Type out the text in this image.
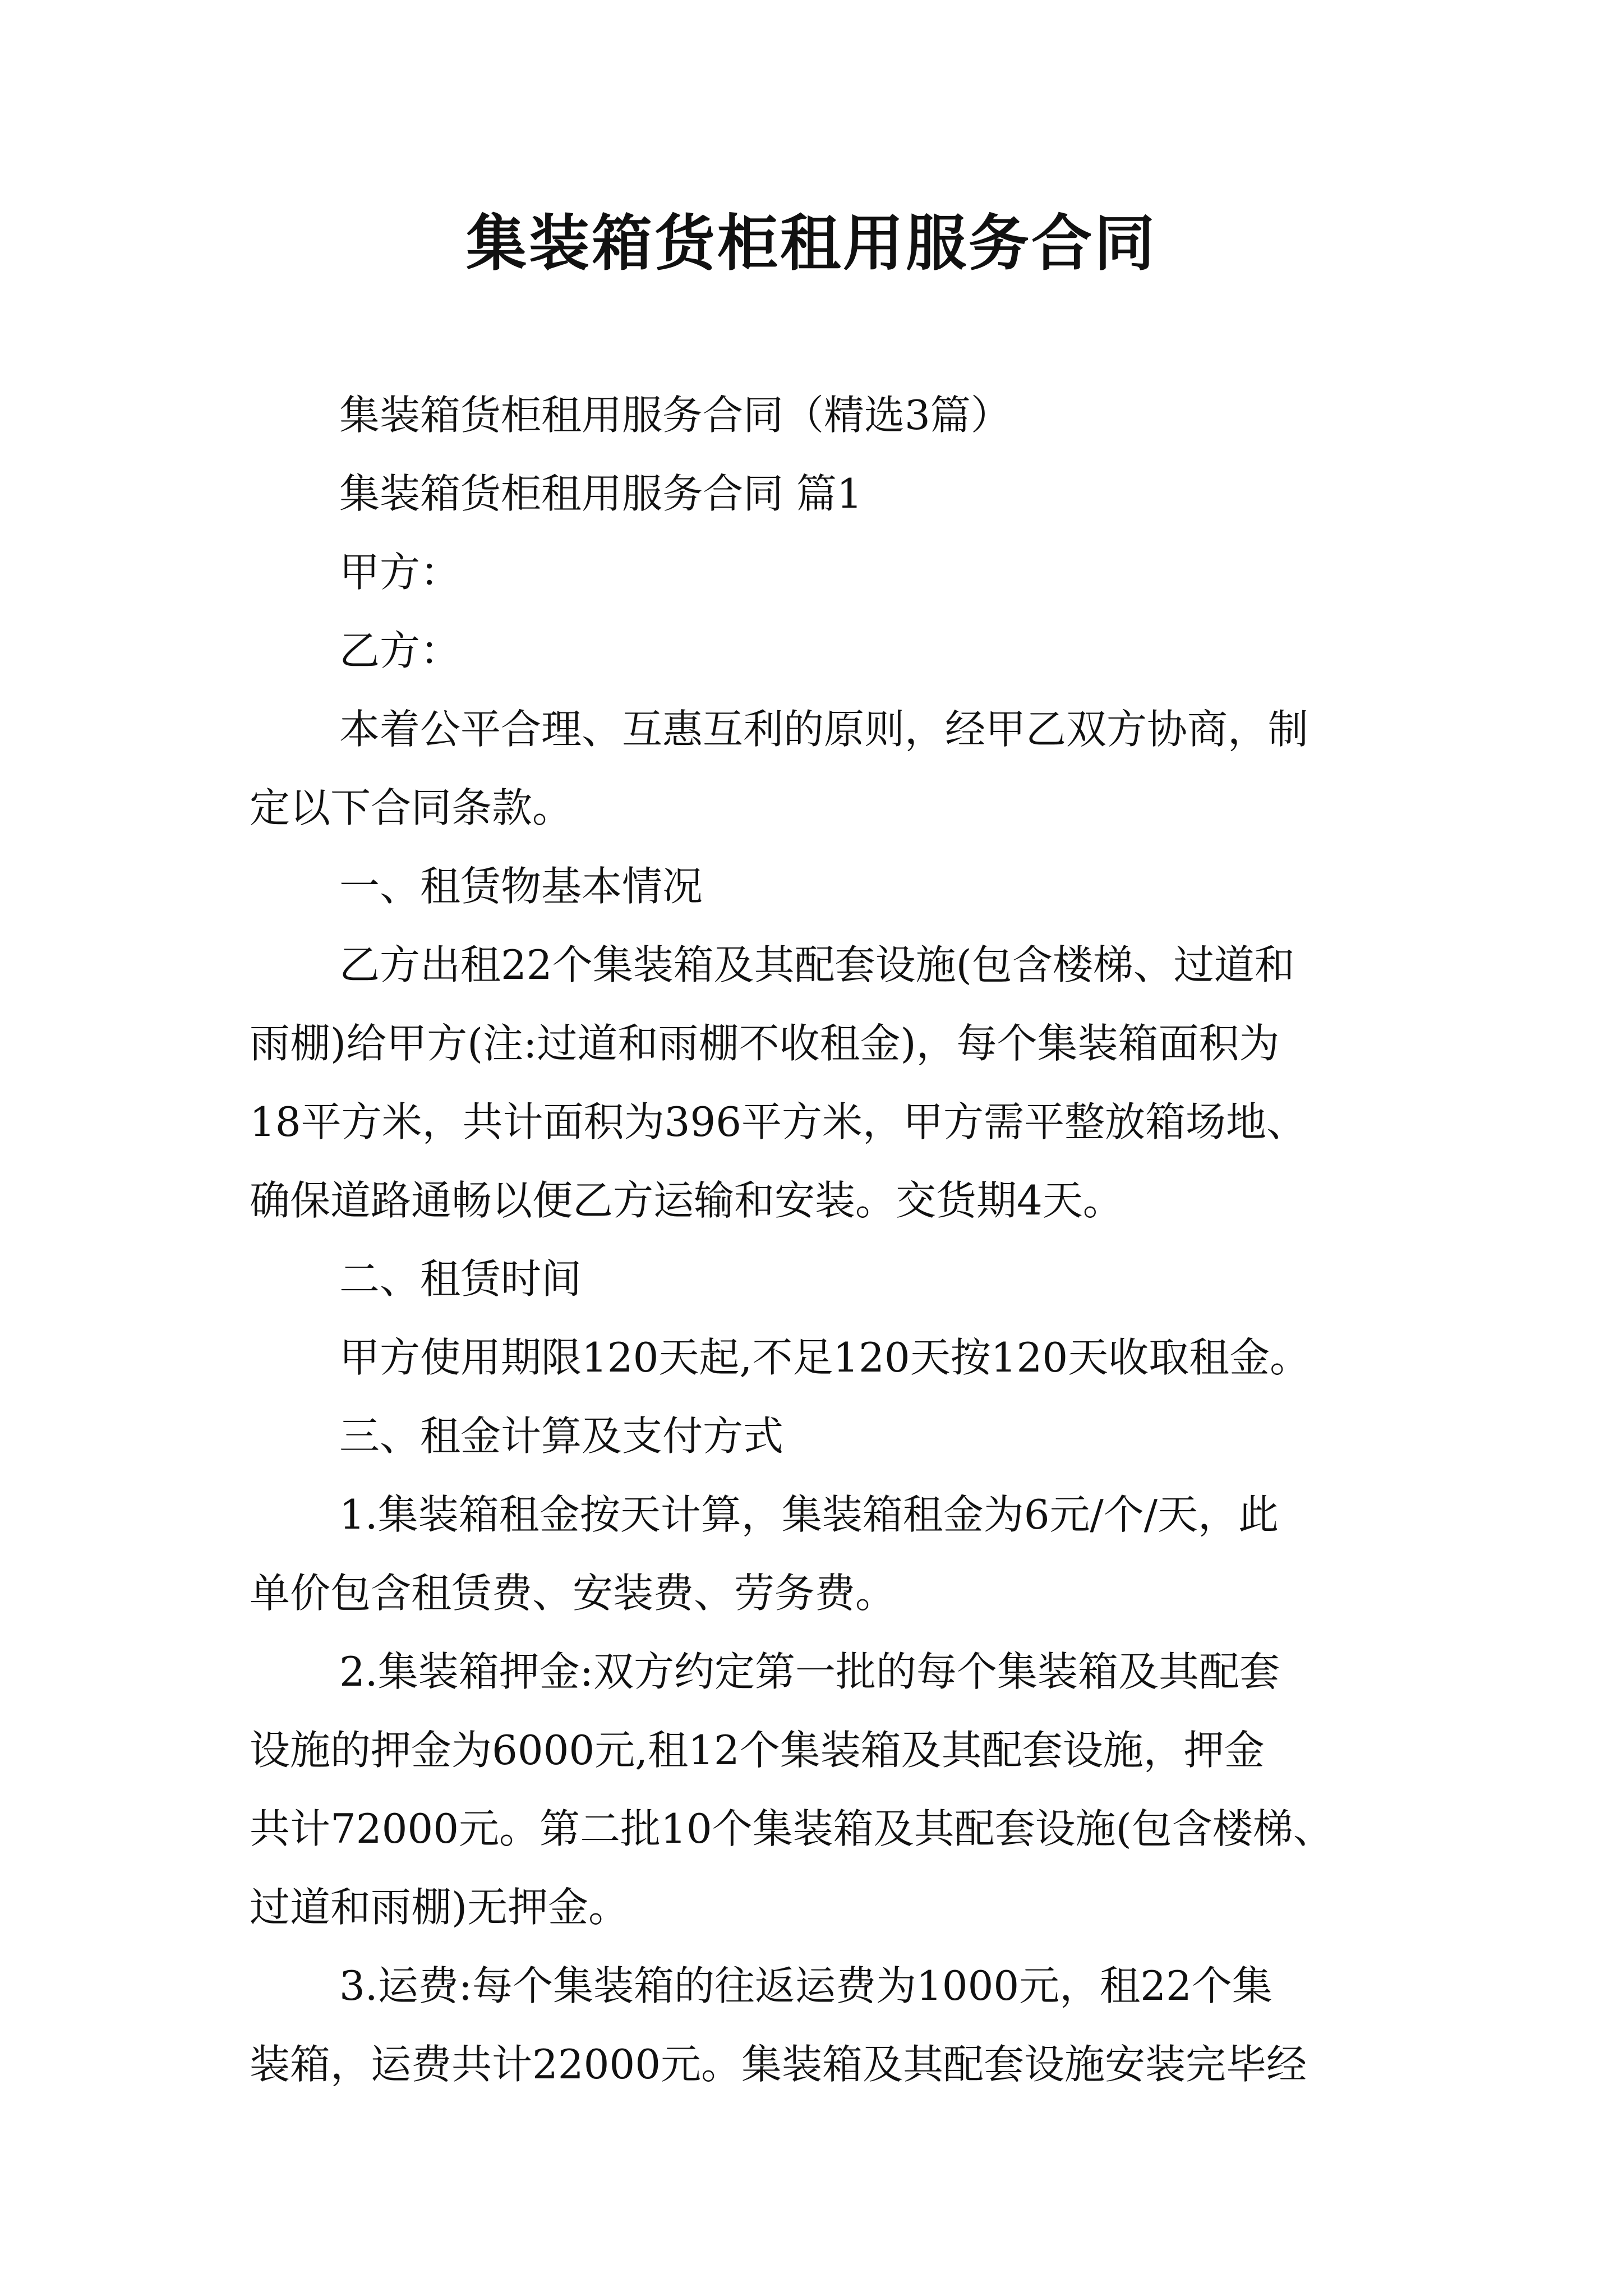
集装箱货柜租用服务合同

集装箱货柜租用服务合同（精选3篇）

集装箱货柜租用服务合同 篇1

甲方：

乙方：

本着公平合理、互惠互利的原则，经甲乙双方协商，制

定以下合同条款。

一、租赁物基本情况

乙方出租22个集装箱及其配套设施(包含楼梯、过道和

雨棚)给甲方(注:过道和雨棚不收租金)，每个集装箱面积为

18平方米，共计面积为396平方米，甲方需平整放箱场地、

确保道路通畅以便乙方运输和安装。交货期4天。

二、租赁时间

甲方使用期限120天起,不足120天按120天收取租金。

三、租金计算及支付方式

1.集装箱租金按天计算，集装箱租金为6元/个/天，此

单价包含租赁费、安装费、劳务费。

2.集装箱押金:双方约定第一批的每个集装箱及其配套

设施的押金为6000元,租12个集装箱及其配套设施，押金

共计72000元。第二批10个集装箱及其配套设施(包含楼梯、

过道和雨棚)无押金。

3.运费:每个集装箱的往返运费为1000元，租22个集

装箱，运费共计22000元。集装箱及其配套设施安装完毕经
